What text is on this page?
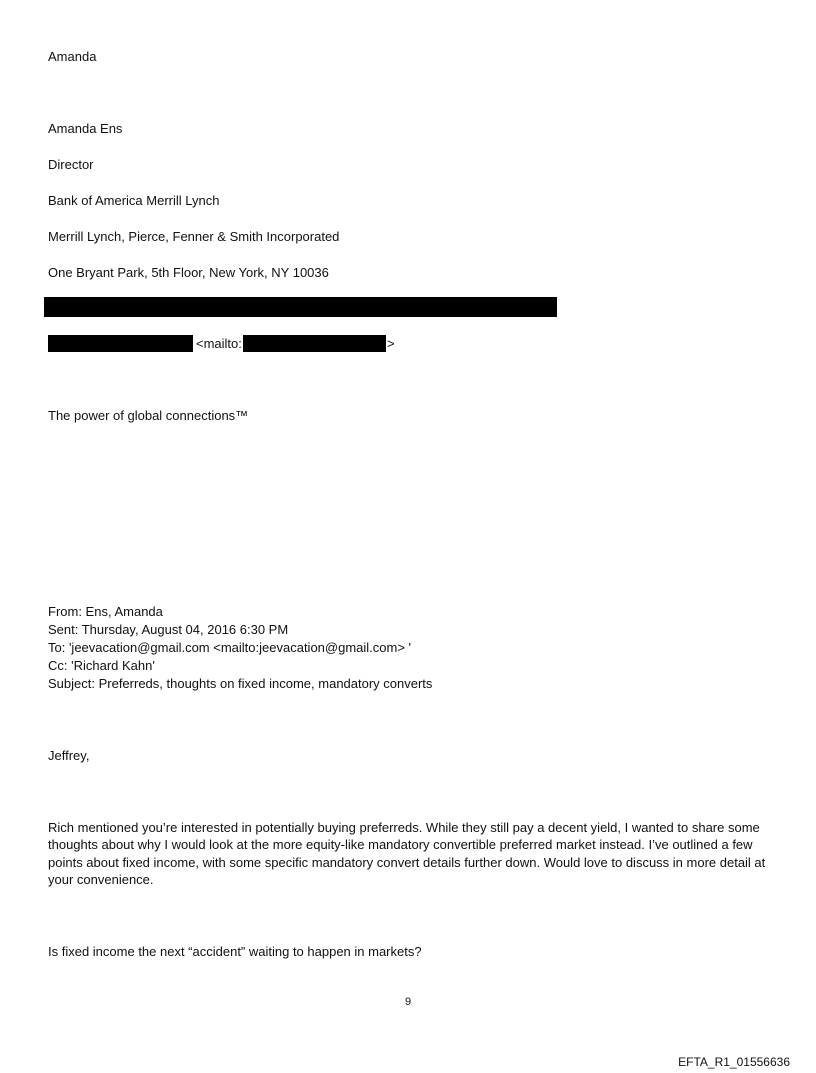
Amanda
Amanda Ens
Director
Bank of America Merrill Lynch
Merrill Lynch, Pierce, Fenner & Smith Incorporated
One Bryant Park, 5th Floor, New York, NY 10036
<mailto:	>
The power of global connections™
From: Ens, Amanda
Sent: Thursday, August 04, 2016 6:30 PM
To: 'jeevacation@gmail.com <mailto:jeevacation@gmail.com> '
Cc: 'Richard Kahn'
Subject: Preferreds, thoughts on fixed income, mandatory converts
Jeffrey,
Rich mentioned you’re interested in potentially buying preferreds. While they still pay a decent yield, I wanted to share some thoughts about why I would look at the more equity-like mandatory convertible preferred market instead. I’ve outlined a few points about fixed income, with some specific mandatory convert details further down. Would love to discuss in more detail at your convenience.
Is fixed income the next “accident” waiting to happen in markets?
9
EFTA_R1_01556636
